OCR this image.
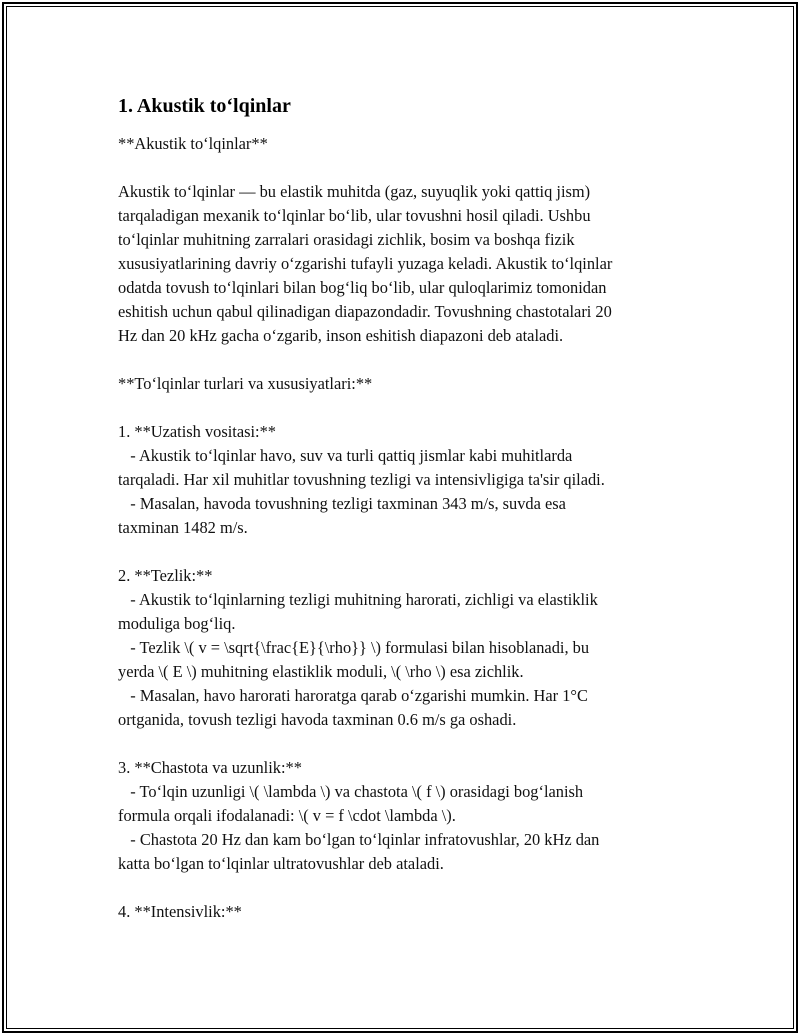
1. Akustik to‘lqinlar
**Akustik to‘lqinlar**
Akustik to‘lqinlar — bu elastik muhitda (gaz, suyuqlik yoki qattiq jism)
tarqaladigan mexanik to‘lqinlar bo‘lib, ular tovushni hosil qiladi. Ushbu
to‘lqinlar muhitning zarralari orasidagi zichlik, bosim va boshqa fizik
xususiyatlarining davriy o‘zgarishi tufayli yuzaga keladi. Akustik to‘lqinlar
odatda tovush to‘lqinlari bilan bog‘liq bo‘lib, ular quloqlarimiz tomonidan
eshitish uchun qabul qilinadigan diapazondadir. Tovushning chastotalari 20
Hz dan 20 kHz gacha o‘zgarib, inson eshitish diapazoni deb ataladi.
**To‘lqinlar turlari va xususiyatlari:**
1. **Uzatish vositasi:**
- Akustik to‘lqinlar havo, suv va turli qattiq jismlar kabi muhitlarda
tarqaladi. Har xil muhitlar tovushning tezligi va intensivligiga ta'sir qiladi.
- Masalan, havoda tovushning tezligi taxminan 343 m/s, suvda esa
taxminan 1482 m/s.
2. **Tezlik:**
- Akustik to‘lqinlarning tezligi muhitning harorati, zichligi va elastiklik
moduliga bog‘liq.
- Tezlik \( v = \sqrt{\frac{E}{\rho}} \) formulasi bilan hisoblanadi, bu
yerda \( E \) muhitning elastiklik moduli, \( \rho \) esa zichlik.
- Masalan, havo harorati haroratga qarab o‘zgarishi mumkin. Har 1°C
ortganida, tovush tezligi havoda taxminan 0.6 m/s ga oshadi.
3. **Chastota va uzunlik:**
- To‘lqin uzunligi \( \lambda \) va chastota \( f \) orasidagi bog‘lanish
formula orqali ifodalanadi: \( v = f \cdot \lambda \).
- Chastota 20 Hz dan kam bo‘lgan to‘lqinlar infratovushlar, 20 kHz dan
katta bo‘lgan to‘lqinlar ultratovushlar deb ataladi.
4. **Intensivlik:**
